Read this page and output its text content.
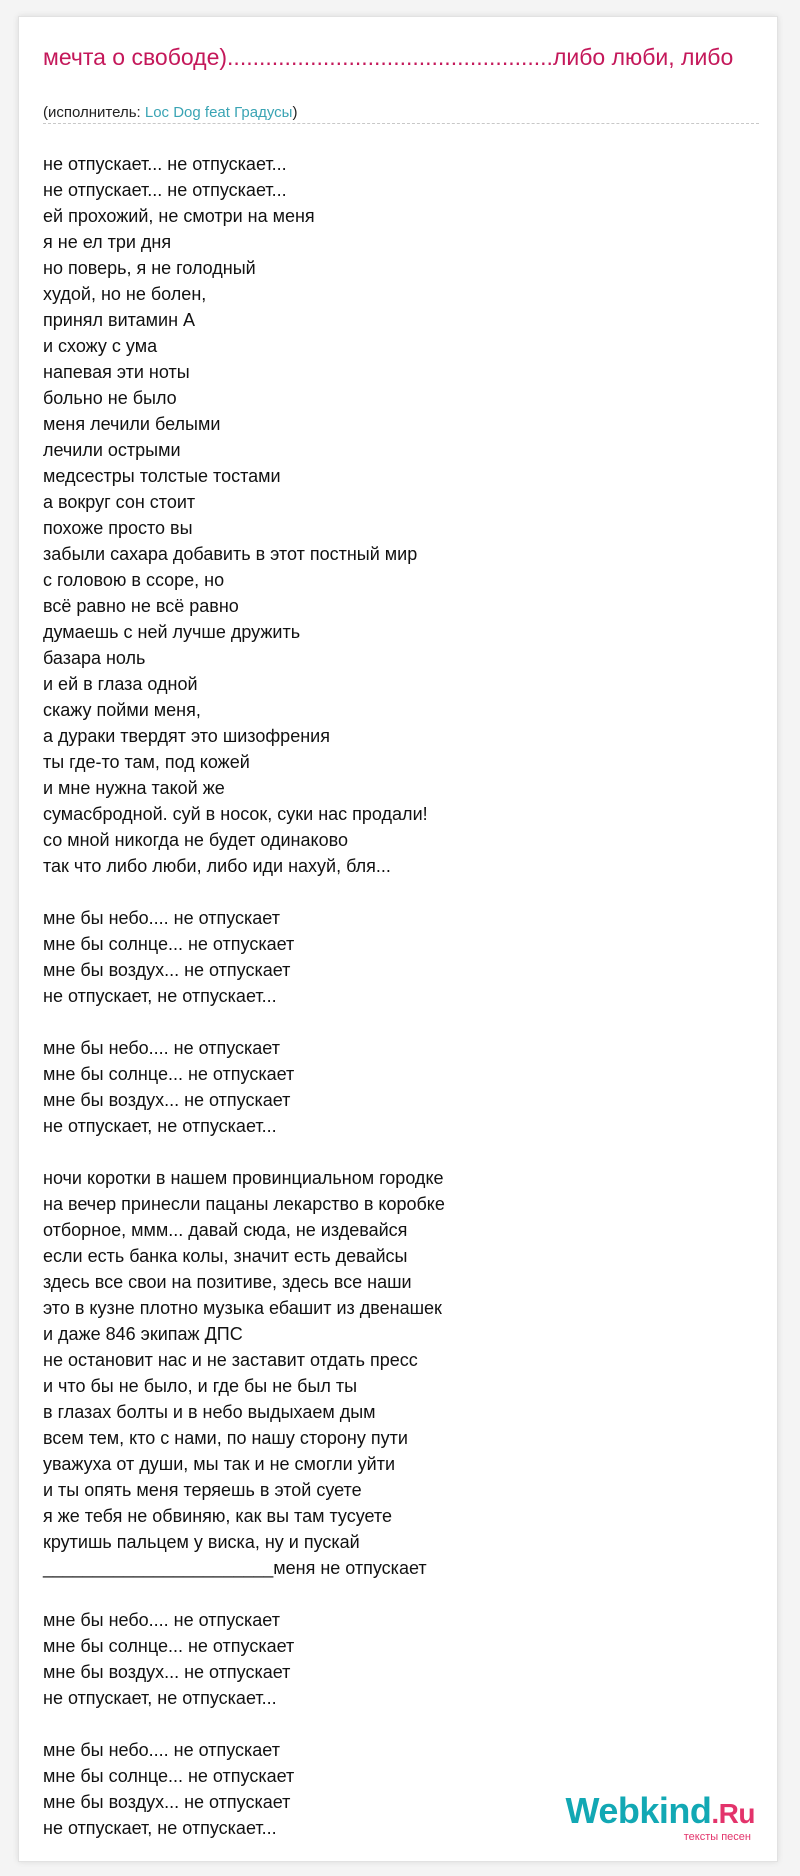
мечта о свободе)...................................................либо люби, либо
(исполнитель: Loc Dog feat Градусы)
не отпускает... не отпускает...
не отпускает... не отпускает...
ей прохожий, не смотри на меня
я не ел три дня
но поверь, я не голодный
худой, но не болен,
принял витамин А
и схожу с ума
напевая эти ноты
больно не было
меня лечили белыми
лечили острыми
медсестры толстые тостами
а вокруг сон стоит
похоже просто вы
забыли сахара добавить в этот постный мир
с головою в ссоре, но
всё равно не всё равно
думаешь с ней лучше дружить
базара ноль
и ей в глаза одной
скажу пойми меня,
а дураки твердят это шизофрения
ты где-то там, под кожей
и мне нужна такой же
сумасбродной. суй в носок, суки нас продали!
со мной никогда не будет одинаково
так что либо люби, либо иди нахуй, бля...
мне бы небо.... не отпускает
мне бы солнце... не отпускает
мне бы воздух... не отпускает
не отпускает, не отпускает...
мне бы небо.... не отпускает
мне бы солнце... не отпускает
мне бы воздух... не отпускает
не отпускает, не отпускает...
ночи коротки в нашем провинциальном городке
на вечер принесли пацаны лекарство в коробке
отборное, ммм... давай сюда, не издевайся
если есть банка колы, значит есть девайсы
здесь все свои на позитиве, здесь все наши
это в кузне плотно музыка ебашит из двенашек
и даже 846 экипаж ДПС
не остановит нас и не заставит отдать пресс
и что бы не было, и где бы не был ты
в глазах болты и в небо выдыхаем дым
всем тем, кто с нами, по нашу сторону пути
уважуха от души, мы так и не смогли уйти
и ты опять меня теряешь в этой суете
я же тебя не обвиняю, как вы там тусуете
крутишь пальцем у виска, ну и пускай
_______________________меня не отпускает
мне бы небо.... не отпускает
мне бы солнце... не отпускает
мне бы воздух... не отпускает
не отпускает, не отпускает...
мне бы небо.... не отпускает
мне бы солнце... не отпускает
мне бы воздух... не отпускает
не отпускает, не отпускает...	Webkind.Ru
тексты песен
